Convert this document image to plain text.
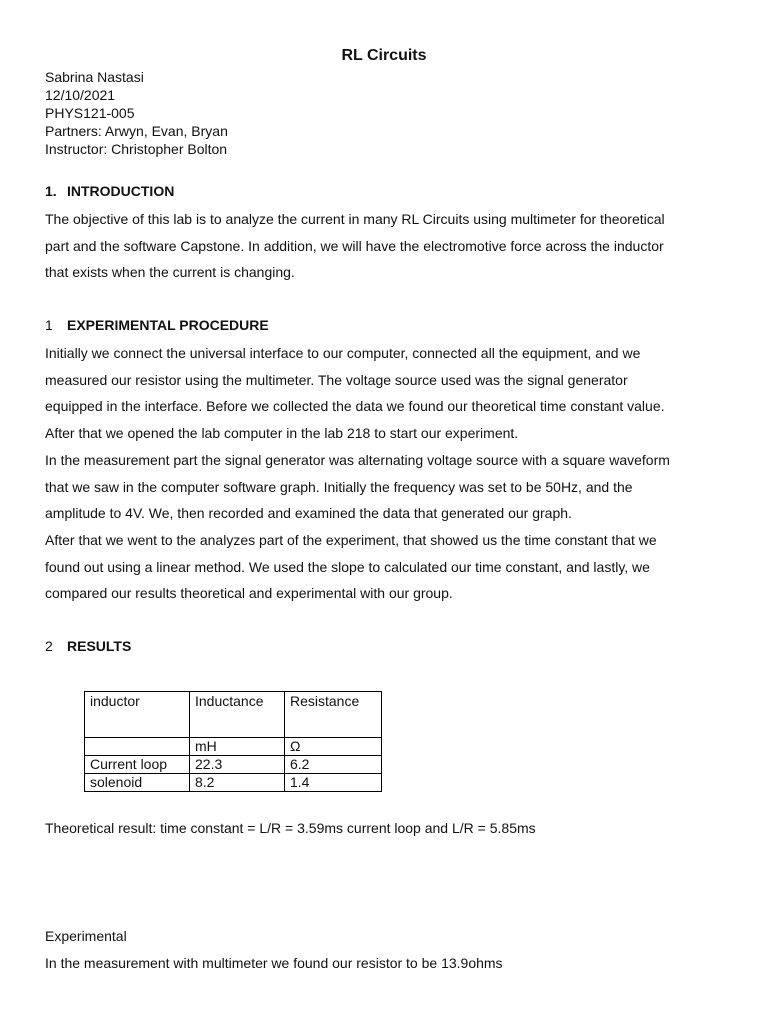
RL Circuits
Sabrina Nastasi
12/10/2021
PHYS121-005
Partners: Arwyn, Evan, Bryan
Instructor: Christopher Bolton
1. INTRODUCTION
The objective of this lab is to analyze the current in many RL Circuits using multimeter for theoretical
part and the software Capstone. In addition, we will have the electromotive force across the inductor
that exists when the current is changing.
1 EXPERIMENTAL PROCEDURE
Initially we connect the universal interface to our computer, connected all the equipment, and we
measured our resistor using the multimeter. The voltage source used was the signal generator
equipped in the interface. Before we collected the data we found our theoretical time constant value.
After that we opened the lab computer in the lab 218 to start our experiment.
In the measurement part the signal generator was alternating voltage source with a square waveform
that we saw in the computer software graph. Initially the frequency was set to be 50Hz, and the
amplitude to 4V. We, then recorded and examined the data that generated our graph.
After that we went to the analyzes part of the experiment, that showed us the time constant that we
found out using a linear method. We used the slope to calculated our time constant, and lastly, we
compared our results theoretical and experimental with our group.
2 RESULTS
inductor	Inductance	Resistance
	mH	Ω
Current loop	22.3	6.2
solenoid	8.2	1.4
Theoretical result: time constant = L/R = 3.59ms current loop and L/R = 5.85ms
Experimental
In the measurement with multimeter we found our resistor to be 13.9ohms
